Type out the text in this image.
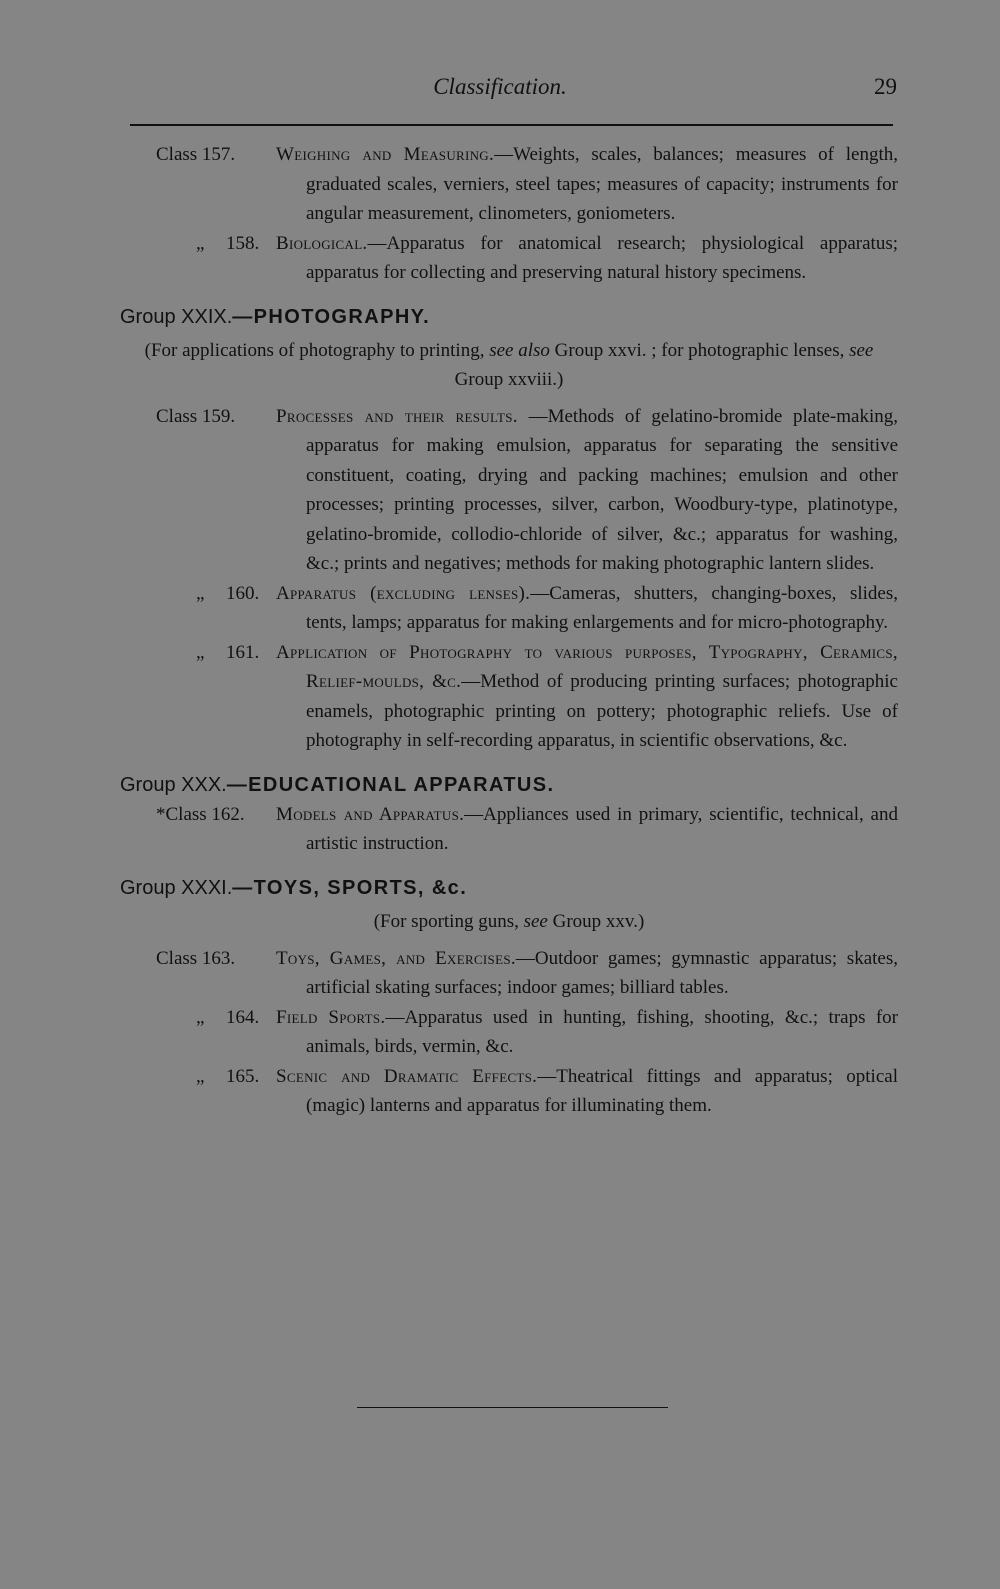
Classification.	29
Class 157.	Weighing and Measuring.—Weights, scales, balances; measures of length, graduated scales, verniers, steel tapes; measures of capacity; instruments for angular measurement, clinometers, goniometers.
„ 158. Biological.—Apparatus for anatomical research; physiological apparatus; apparatus for collecting and preserving natural history specimens.
Group XXIX.—PHOTOGRAPHY.
(For applications of photography to printing, see also Group xxvi. ; for photographic lenses, see Group xxviii.)
Class 159.	Processes and their results. —Methods of gelatino-bromide plate-making, apparatus for making emulsion, apparatus for separating the sensitive constituent, coating, drying and packing machines; emulsion and other processes; printing processes, silver, carbon, Woodbury-type, platinotype, gelatino-bromide, collodio-chloride of silver, &c.; apparatus for washing, &c.; prints and negatives; methods for making photographic lantern slides.
„ 160. Apparatus (excluding lenses).—Cameras, shutters, changing-boxes, slides, tents, lamps; apparatus for making enlargements and for micro-photography.
„ 161. Application of Photography to various purposes, Typography, Ceramics, Relief-moulds, &c.—Method of producing printing surfaces; photographic enamels, photographic printing on pottery; photographic reliefs. Use of photography in self-recording apparatus, in scientific observations, &c.
Group XXX.—EDUCATIONAL APPARATUS.
*Class 162.	Models and Apparatus.—Appliances used in primary, scientific, technical, and artistic instruction.
Group XXXI.—TOYS, SPORTS, &c.
(For sporting guns, see Group xxv.)
Class 163.	Toys, Games, and Exercises.—Outdoor games; gymnastic apparatus; skates, artificial skating surfaces; indoor games; billiard tables.
„ 164. Field Sports.—Apparatus used in hunting, fishing, shooting, &c.; traps for animals, birds, vermin, &c.
„ 165. Scenic and Dramatic Effects.—Theatrical fittings and apparatus; optical (magic) lanterns and apparatus for illuminating them.
